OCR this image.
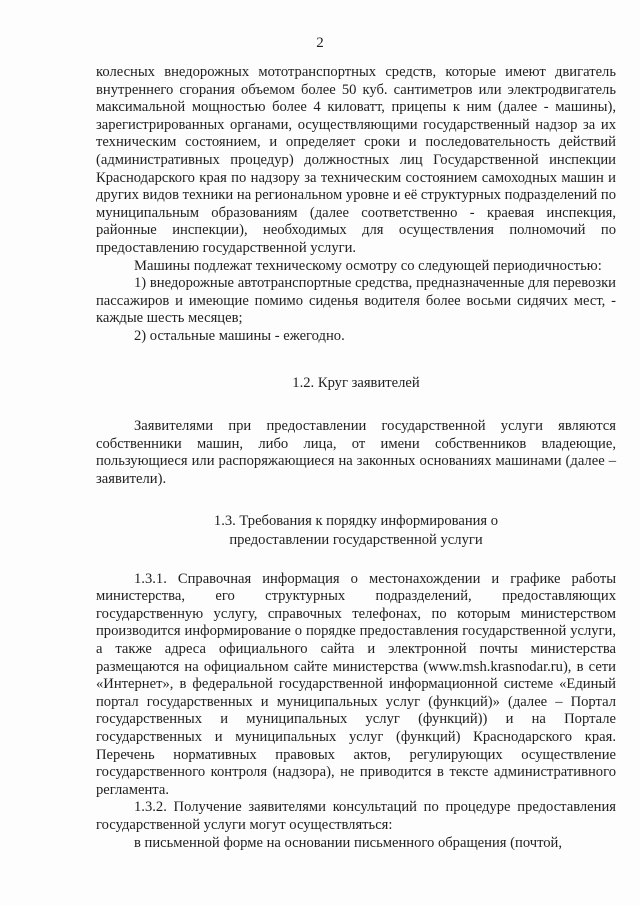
2

колесных внедорожных мототранспортных средств, которые имеют двигатель внутреннего сгорания объемом более 50 куб. сантиметров или электродвигатель максимальной мощностью более 4 киловатт, прицепы к ним (далее - машины), зарегистрированных органами, осуществляющими государственный надзор за их техническим состоянием, и определяет сроки и последовательность действий (административных процедур) должностных лиц Государственной инспекции Краснодарского края по надзору за техническим состоянием самоходных машин и других видов техники на региональном уровне и её структурных подразделений по муниципальным образованиям (далее соответственно - краевая инспекция, районные инспекции), необходимых для осуществления полномочий по предоставлению государственной услуги.

Машины подлежат техническому осмотру со следующей периодичностью:

1) внедорожные автотранспортные средства, предназначенные для перевозки пассажиров и имеющие помимо сиденья водителя более восьми сидячих мест, - каждые шесть месяцев;

2) остальные машины - ежегодно.

1.2. Круг заявителей

Заявителями при предоставлении государственной услуги являются собственники машин, либо лица, от имени собственников владеющие, пользующиеся или распоряжающиеся на законных основаниях машинами (далее – заявители).

1.3. Требования к порядку информирования о

предоставлении государственной услуги

1.3.1. Справочная информация о местонахождении и графике работы министерства, его структурных подразделений, предоставляющих государственную услугу, справочных телефонах, по которым министерством производится информирование о порядке предоставления государственной услуги, а также адреса официального сайта и электронной почты министерства размещаются на официальном сайте министерства (www.msh.krasnodar.ru), в сети «Интернет», в федеральной государственной информационной системе «Единый портал государственных и муниципальных услуг (функций)» (далее – Портал государственных и муниципальных услуг (функций)) и на Портале государственных и муниципальных услуг (функций) Краснодарского края. Перечень нормативных правовых актов, регулирующих осуществление государственного контроля (надзора), не приводится в тексте административного регламента.

1.3.2. Получение заявителями консультаций по процедуре предоставления государственной услуги могут осуществляться:

в письменной форме на основании письменного обращения (почтой,
